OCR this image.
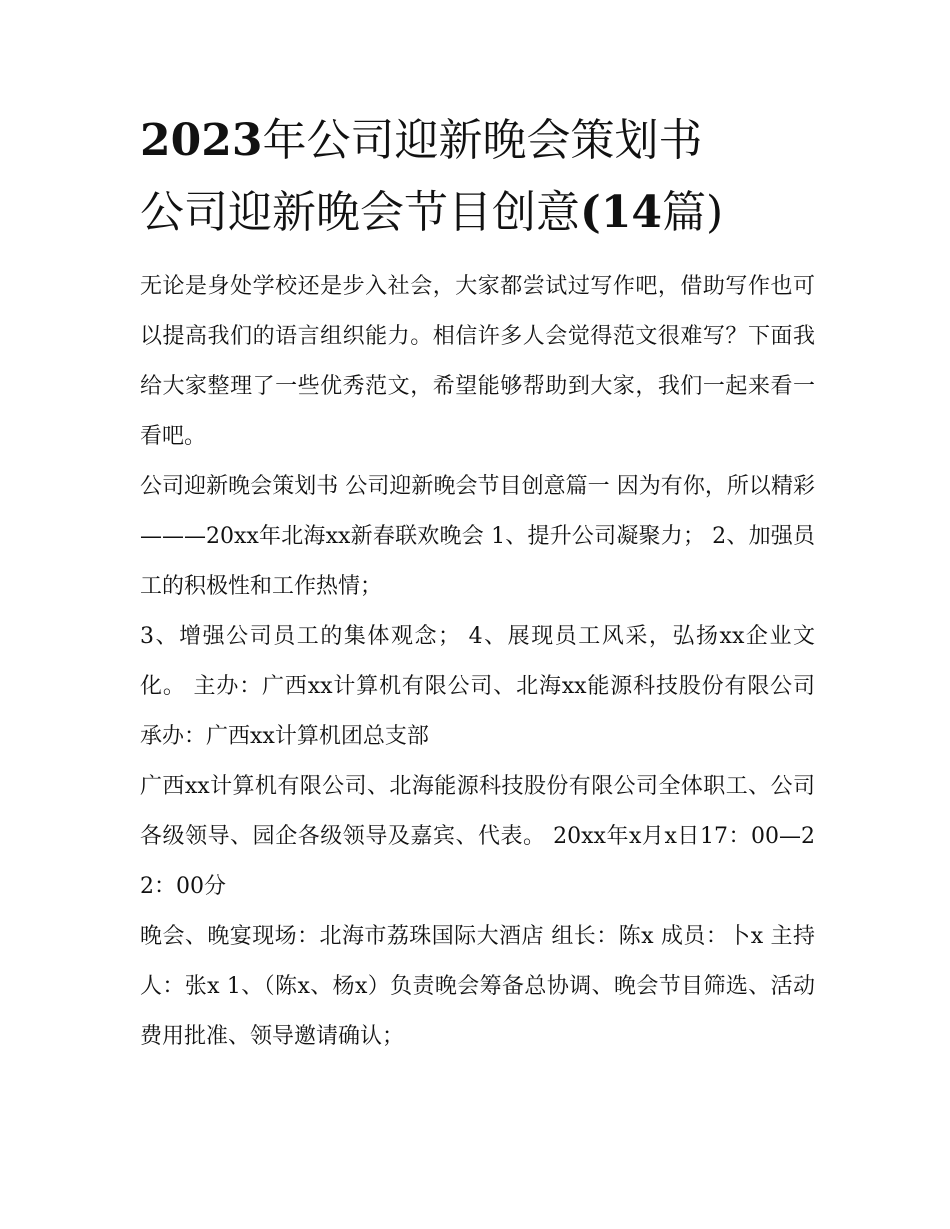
2023年公司迎新晚会策划书
公司迎新晚会节目创意(14篇)

无论是身处学校还是步入社会，大家都尝试过写作吧，借助写作也可以提高我们的语言组织能力。相信许多人会觉得范文很难写？下面我给大家整理了一些优秀范文，希望能够帮助到大家，我们一起来看一看吧。

公司迎新晚会策划书 公司迎新晚会节目创意篇一 因为有你，所以精彩———20xx年北海xx新春联欢晚会 1、提升公司凝聚力； 2、加强员工的积极性和工作热情；

3、增强公司员工的集体观念； 4、展现员工风采，弘扬xx企业文化。 主办：广西xx计算机有限公司、北海xx能源科技股份有限公司 承办：广西xx计算机团总支部

广西xx计算机有限公司、北海能源科技股份有限公司全体职工、公司各级领导、园企各级领导及嘉宾、代表。 20xx年x月x日17：00—22：00分

晚会、晚宴现场：北海市荔珠国际大酒店 组长：陈x 成员：卜x 主持人：张x 1、（陈x、杨x）负责晚会筹备总协调、晚会节目筛选、活动费用批准、领导邀请确认；
